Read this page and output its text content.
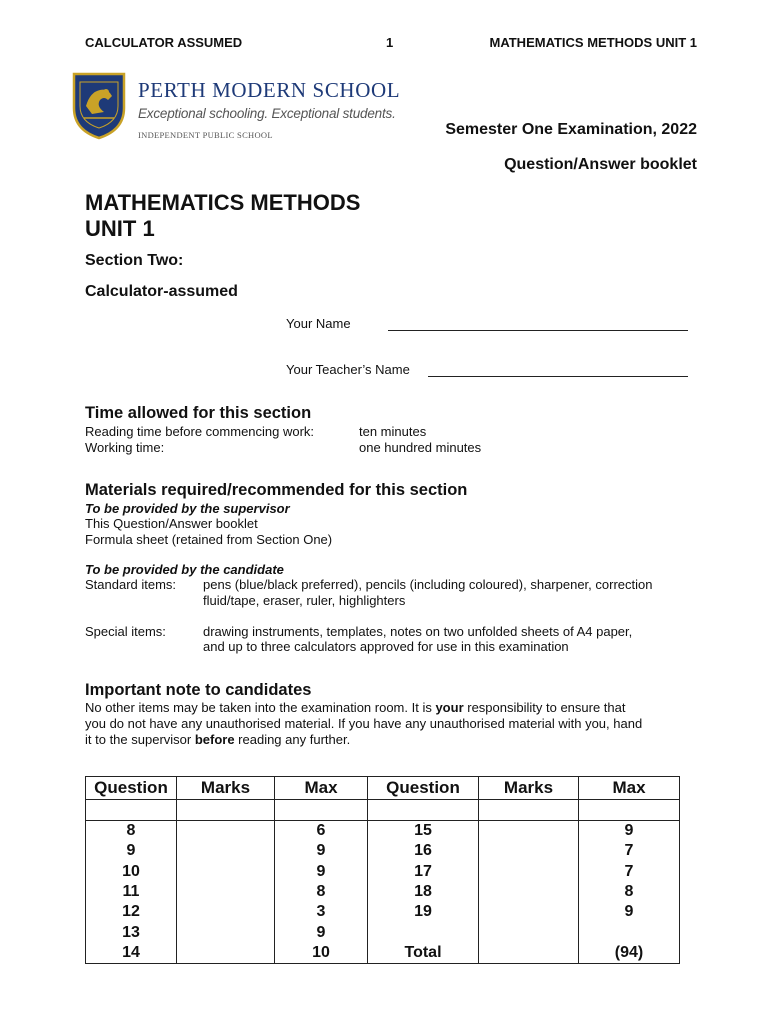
CALCULATOR ASSUMED	1	MATHEMATICS METHODS UNIT 1
PERTH MODERN SCHOOL
Exceptional schooling. Exceptional students.
INDEPENDENT PUBLIC SCHOOL	Semester One Examination, 2022
Question/Answer booklet
MATHEMATICS METHODS
UNIT 1
Section Two:
Calculator-assumed
Your Name
Your Teacher’s Name
Time allowed for this section
Reading time before commencing work:	ten minutes
Working time:	one hundred minutes
Materials required/recommended for this section
To be provided by the supervisor
This Question/Answer booklet
Formula sheet (retained from Section One)
To be provided by the candidate
Standard items: pens (blue/black preferred), pencils (including coloured), sharpener, correction
fluid/tape, eraser, ruler, highlighters
Special items:	drawing instruments, templates, notes on two unfolded sheets of A4 paper,
and up to three calculators approved for use in this examination
Important note to candidates
No other items may be taken into the examination room. It is your responsibility to ensure that
you do not have any unauthorised material. If you have any unauthorised material with you, hand
it to the supervisor before reading any further.
Question	Marks	Max	Question	Marks	Max

8		6	15		9
9		9	16		7
10		9	17		7
11		8	18		8
12		3	19		9
13		9			
14		10	Total		(94)
